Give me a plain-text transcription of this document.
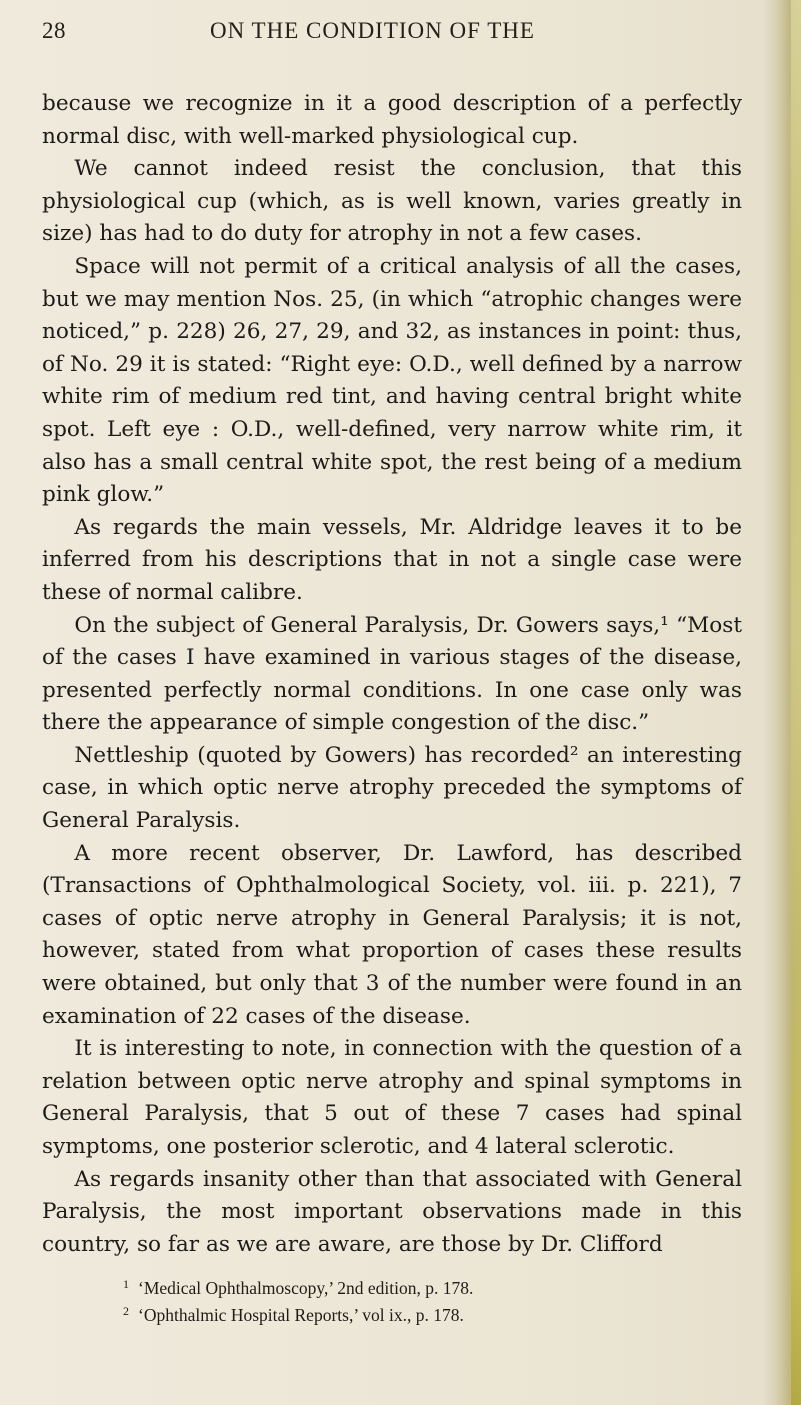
28	ON THE CONDITION OF THE

because we recognize in it a good description of a perfectly normal disc, with well-marked physiological cup.

We cannot indeed resist the conclusion, that this physiological cup (which, as is well known, varies greatly in size) has had to do duty for atrophy in not a few cases.

Space will not permit of a critical analysis of all the cases, but we may mention Nos. 25, (in which “atrophic changes were noticed,” p. 228) 26, 27, 29, and 32, as instances in point: thus, of No. 29 it is stated: “Right eye: O.D., well defined by a narrow white rim of medium red tint, and having central bright white spot. Left eye : O.D., well-defined, very narrow white rim, it also has a small central white spot, the rest being of a medium pink glow.”

As regards the main vessels, Mr. Aldridge leaves it to be inferred from his descriptions that in not a single case were these of normal calibre.

On the subject of General Paralysis, Dr. Gowers says,¹ “Most of the cases I have examined in various stages of the disease, presented perfectly normal conditions. In one case only was there the appearance of simple congestion of the disc.”

Nettleship (quoted by Gowers) has recorded² an interesting case, in which optic nerve atrophy preceded the symptoms of General Paralysis.

A more recent observer, Dr. Lawford, has described (Transactions of Ophthalmological Society, vol. iii. p. 221), 7 cases of optic nerve atrophy in General Paralysis; it is not, however, stated from what proportion of cases these results were obtained, but only that 3 of the number were found in an examination of 22 cases of the disease.

It is interesting to note, in connection with the question of a relation between optic nerve atrophy and spinal symptoms in General Paralysis, that 5 out of these 7 cases had spinal symptoms, one posterior sclerotic, and 4 lateral sclerotic.

As regards insanity other than that associated with General Paralysis, the most important observations made in this country, so far as we are aware, are those by Dr. Clifford

$^1$ ‘Medical Ophthalmoscopy,’ 2nd edition, p. 178.
$^2$ ‘Ophthalmic Hospital Reports,’ vol ix., p. 178.
